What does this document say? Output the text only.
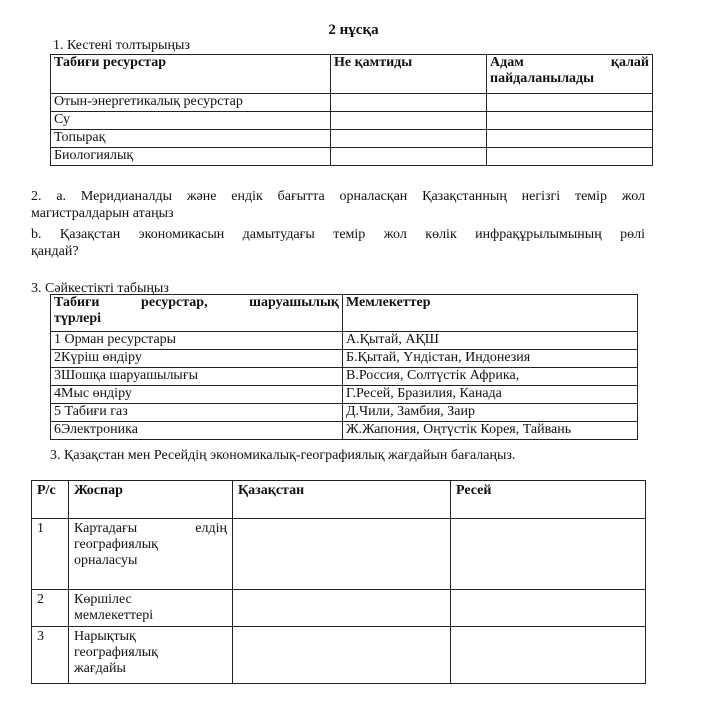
2 нұсқа
1. Кестені толтырыңыз
Табиғи ресурстар	Не қамтиды	Адам қалай
пайдаланылады

Отын-энергетикалық ресурстар		
Су		
Топырақ		
Биологиялық		
2. а. Меридианалды және ендік бағытта орналасқан Қазақстанның негізгі темір жол
магистралдарын атаңыз
b. Қазақстан экономикасын дамытудағы темір жол көлік инфрақұрылымының рөлі
қандай?
3. Сәйкестікті табыңыз
Табиғи ресурстар, шаруашылық
түрлері	Мемлекеттер
1 Орман ресурстары	А.Қытай, АҚШ
2Күріш өндіру	Б.Қытай, Үндістан, Индонезия
3Шошқа шаруашылығы	В.Россия, Солтүстік Африка,
4Мыс өндіру	Г.Ресей, Бразилия, Канада
5 Табиғи газ	Д.Чили, Замбия, Заир
6Электроника	Ж.Жапония, Оңтүстік Корея, Тайвань
3. Қазақстан мен Ресейдің экономикалық-географиялық жағдайын бағалаңыз.
Р/с	Жоспар	Қазақстан	Ресей
1	Картадағы елдің
географиялық
орналасуы		

2	Көршілес
мемлекеттері		

3	Нарықтық
географиялық
жағдайы		
